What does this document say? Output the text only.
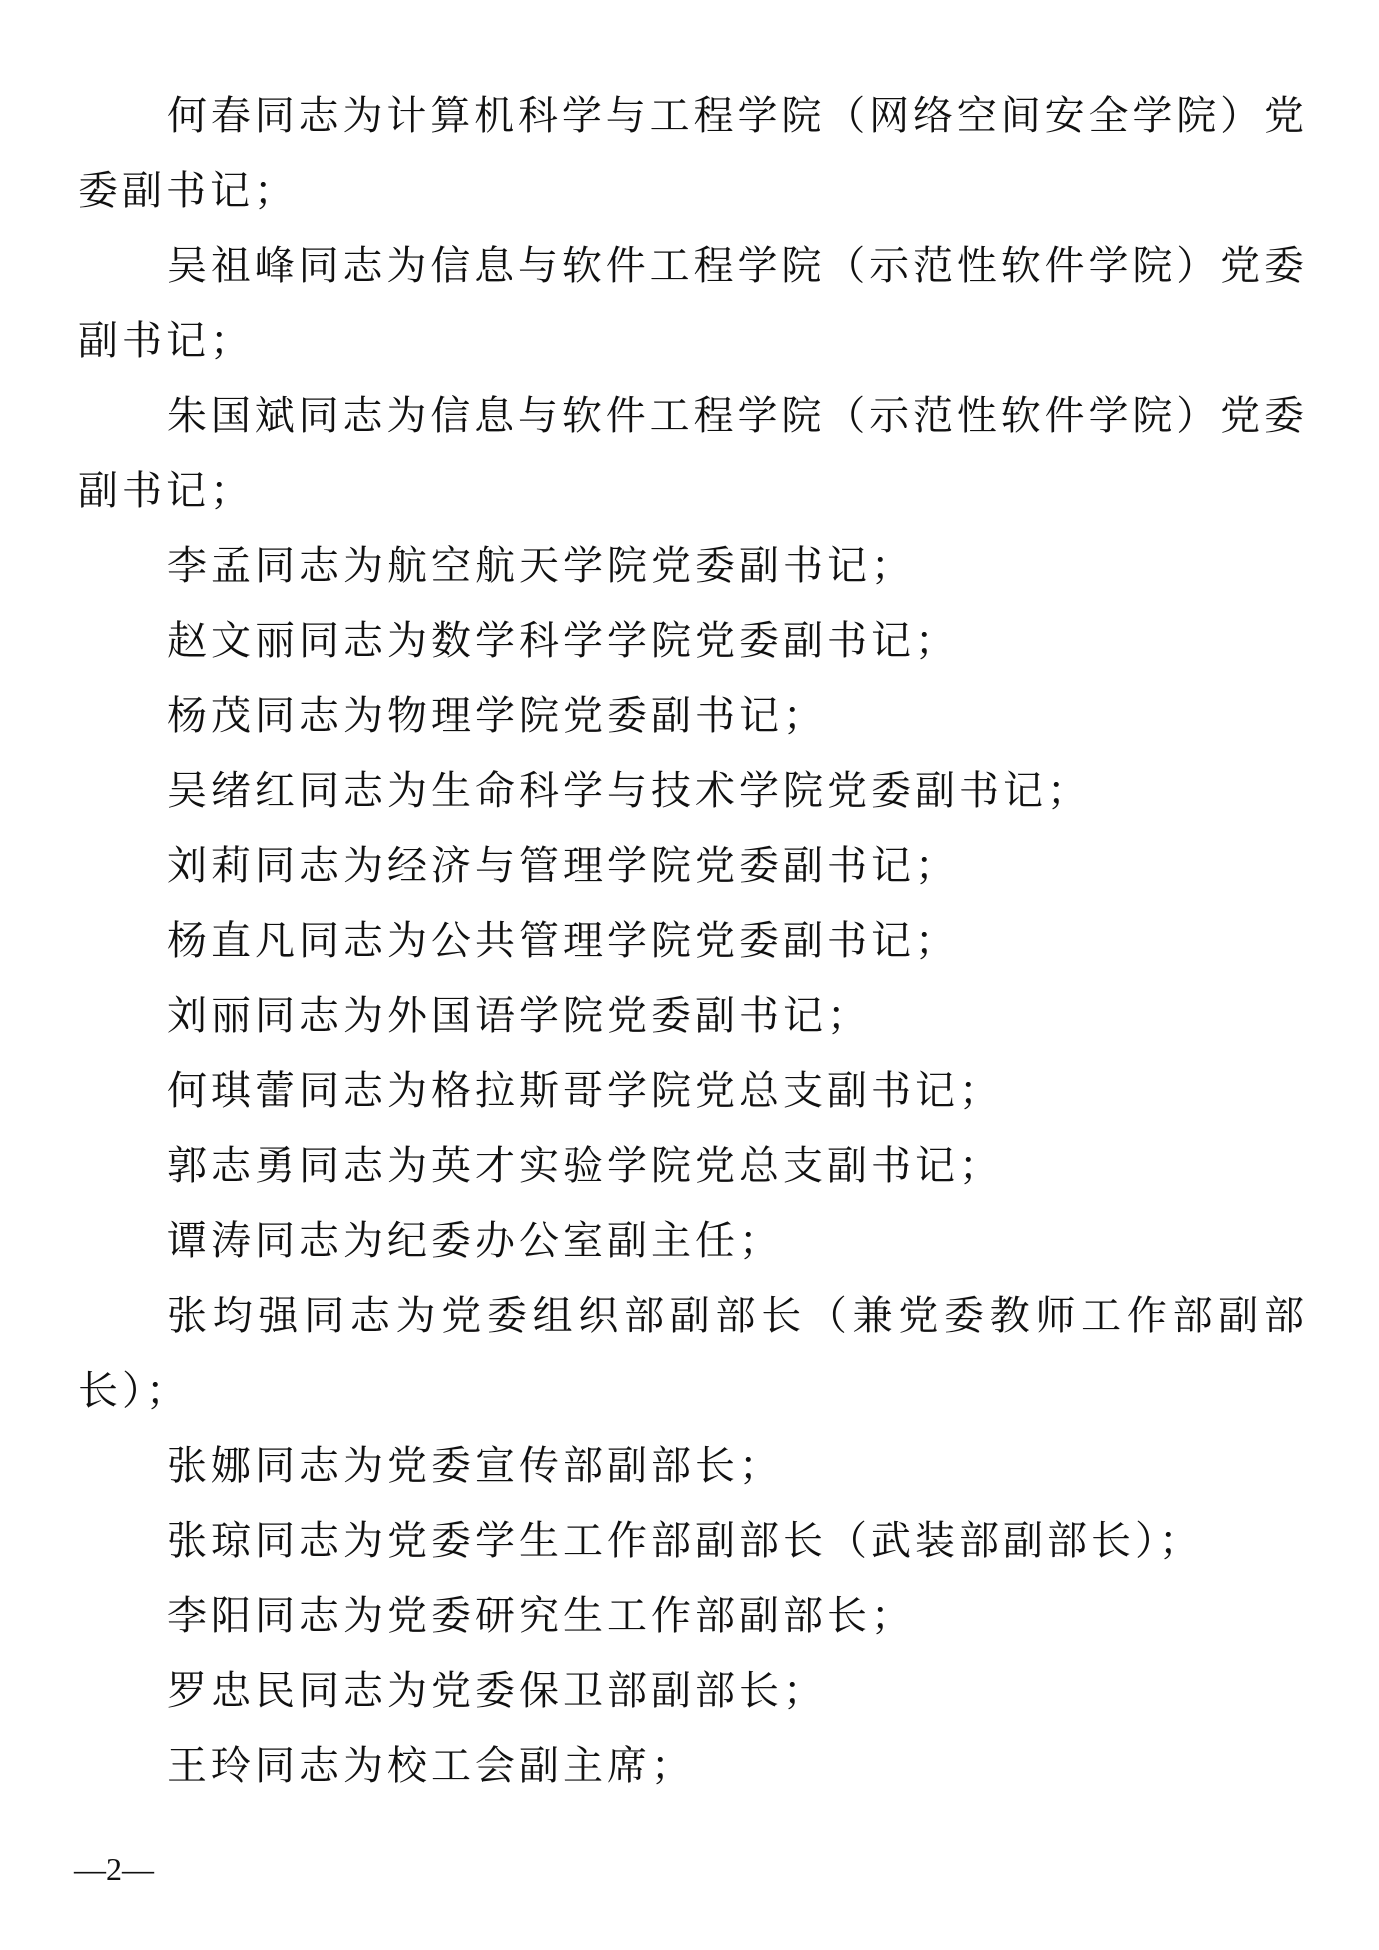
何春同志为计算机科学与工程学院（网络空间安全学院）党
委副书记；
吴祖峰同志为信息与软件工程学院（示范性软件学院）党委
副书记；
朱国斌同志为信息与软件工程学院（示范性软件学院）党委
副书记；
李孟同志为航空航天学院党委副书记；
赵文丽同志为数学科学学院党委副书记；
杨茂同志为物理学院党委副书记；
吴绪红同志为生命科学与技术学院党委副书记；
刘莉同志为经济与管理学院党委副书记；
杨直凡同志为公共管理学院党委副书记；
刘丽同志为外国语学院党委副书记；
何琪蕾同志为格拉斯哥学院党总支副书记；
郭志勇同志为英才实验学院党总支副书记；
谭涛同志为纪委办公室副主任；
张均强同志为党委组织部副部长（兼党委教师工作部副部
长）；
张娜同志为党委宣传部副部长；
张琼同志为党委学生工作部副部长（武装部副部长）；
李阳同志为党委研究生工作部副部长；
罗忠民同志为党委保卫部副部长；
王玲同志为校工会副主席；
—2—
